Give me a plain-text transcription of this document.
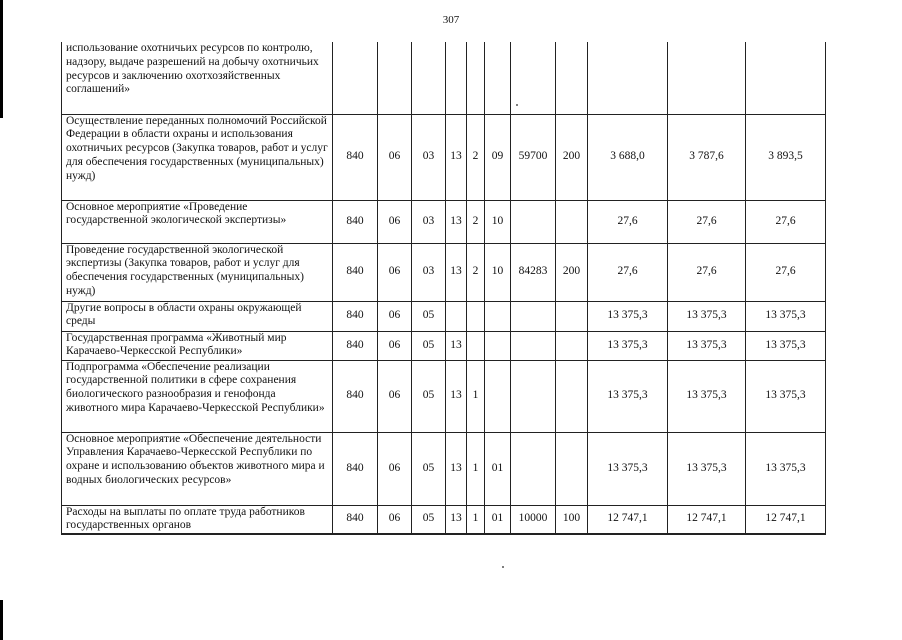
307
использование охотничьих ресурсов по контролю, надзору, выдаче разрешений на добычу охотничьих ресурсов и заключению охотхозяйственных соглашений»											
Осуществление переданных полномочий Российской Федерации в области охраны и использования охотничьих ресурсов (Закупка товаров, работ и услуг для обеспечения государственных (муниципальных) нужд)	840	06	03	13	2	09	59700	200	3 688,0	3 787,6	3 893,5
Основное мероприятие «Проведение государственной экологической экспертизы»	840	06	03	13	2	10			27,6	27,6	27,6
Проведение государственной экологической экспертизы (Закупка товаров, работ и услуг для обеспечения государственных (муниципальных) нужд)	840	06	03	13	2	10	84283	200	27,6	27,6	27,6
Другие вопросы в области охраны окружающей среды	840	06	05						13 375,3	13 375,3	13 375,3
Государственная программа «Животный мир Карачаево-Черкесской Республики»	840	06	05	13					13 375,3	13 375,3	13 375,3
Подпрограмма «Обеспечение реализации государственной политики в сфере сохранения биологического разнообразия и генофонда животного мира Карачаево-Черкесской Республики»	840	06	05	13	1				13 375,3	13 375,3	13 375,3
Основное мероприятие «Обеспечение деятельности Управления Карачаево-Черкесской Республики по охране и использованию объектов животного мира и водных биологических ресурсов»	840	06	05	13	1	01			13 375,3	13 375,3	13 375,3
Расходы на выплаты по оплате труда работников государственных органов	840	06	05	13	1	01	10000	100	12 747,1	12 747,1	12 747,1
